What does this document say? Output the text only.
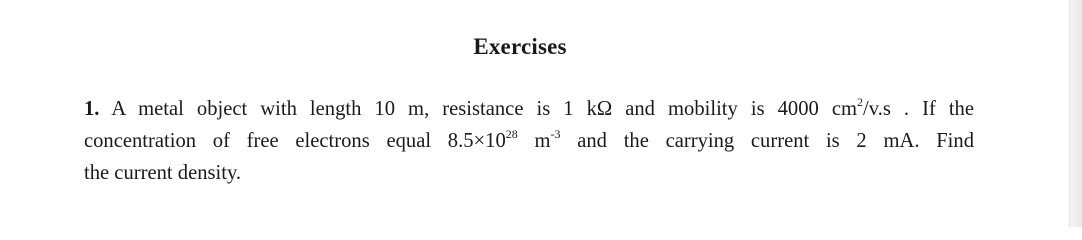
Exercises
1. A metal object with length 10 m, resistance is 1 kΩ and mobility is 4000 $cm^2/v.s$ . If the
concentration of free electrons equal $8.5\times 10^{28}$ $m^{-3}$ and the carrying current is 2 mA. Find
the current density.
